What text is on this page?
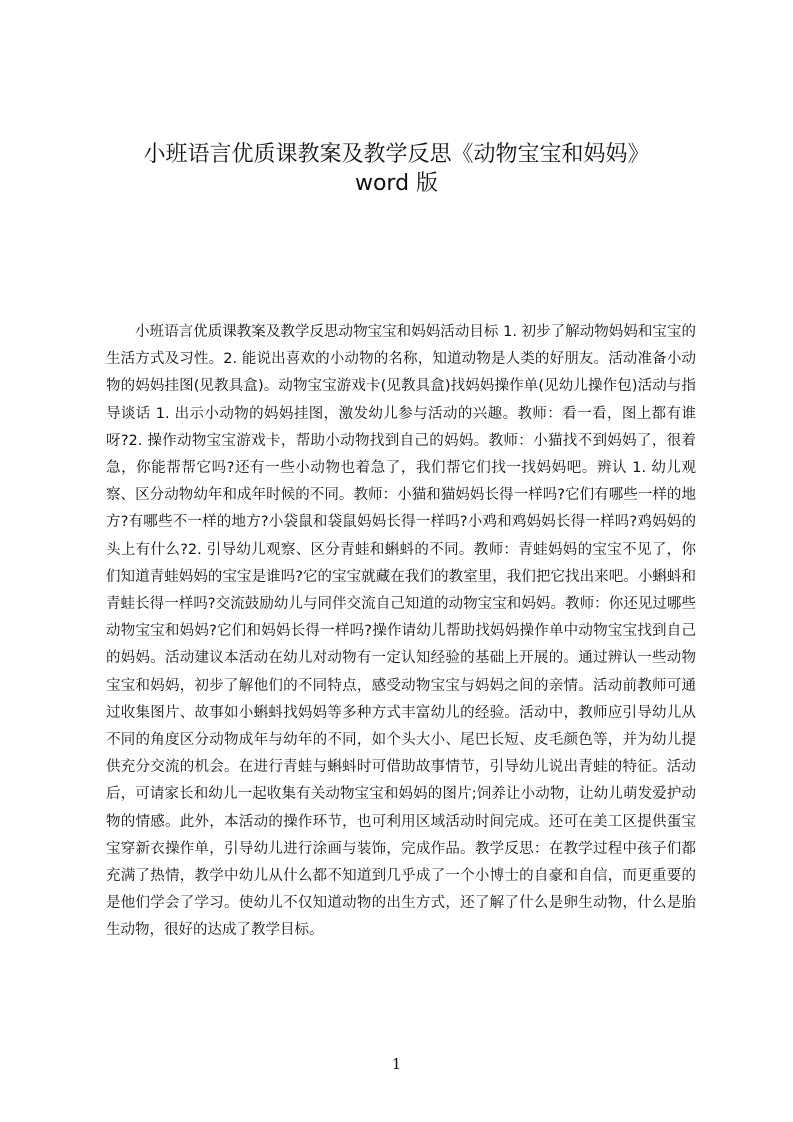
小班语言优质课教案及教学反思《动物宝宝和妈妈》
word 版
小班语言优质课教案及教学反思动物宝宝和妈妈活动目标 1. 初步了解动物妈妈和宝宝的生活方式及习性。2. 能说出喜欢的小动物的名称，知道动物是人类的好朋友。活动准备小动物的妈妈挂图(见教具盒)。动物宝宝游戏卡(见教具盒)找妈妈操作单(见幼儿操作包)活动与指导谈话 1. 出示小动物的妈妈挂图，激发幼儿参与活动的兴趣。教师：看一看，图上都有谁呀?2. 操作动物宝宝游戏卡，帮助小动物找到自己的妈妈。教师：小猫找不到妈妈了，很着急，你能帮帮它吗?还有一些小动物也着急了，我们帮它们找一找妈妈吧。辨认 1. 幼儿观察、区分动物幼年和成年时候的不同。教师：小猫和猫妈妈长得一样吗?它们有哪些一样的地方?有哪些不一样的地方?小袋鼠和袋鼠妈妈长得一样吗?小鸡和鸡妈妈长得一样吗?鸡妈妈的头上有什么?2. 引导幼儿观察、区分青蛙和蝌蚪的不同。教师：青蛙妈妈的宝宝不见了，你们知道青蛙妈妈的宝宝是谁吗?它的宝宝就藏在我们的教室里，我们把它找出来吧。小蝌蚪和青蛙长得一样吗?交流鼓励幼儿与同伴交流自己知道的动物宝宝和妈妈。教师：你还见过哪些动物宝宝和妈妈?它们和妈妈长得一样吗?操作请幼儿帮助找妈妈操作单中动物宝宝找到自己的妈妈。活动建议本活动在幼儿对动物有一定认知经验的基础上开展的。通过辨认一些动物宝宝和妈妈，初步了解他们的不同特点，感受动物宝宝与妈妈之间的亲情。活动前教师可通过收集图片、故事如小蝌蚪找妈妈等多种方式丰富幼儿的经验。活动中，教师应引导幼儿从不同的角度区分动物成年与幼年的不同，如个头大小、尾巴长短、皮毛颜色等，并为幼儿提供充分交流的机会。在进行青蛙与蝌蚪时可借助故事情节，引导幼儿说出青蛙的特征。活动后，可请家长和幼儿一起收集有关动物宝宝和妈妈的图片;饲养让小动物，让幼儿萌发爱护动物的情感。此外，本活动的操作环节，也可利用区域活动时间完成。还可在美工区提供蛋宝宝穿新衣操作单，引导幼儿进行涂画与装饰，完成作品。教学反思：在教学过程中孩子们都充满了热情，教学中幼儿从什么都不知道到几乎成了一个小博士的自豪和自信，而更重要的是他们学会了学习。使幼儿不仅知道动物的出生方式，还了解了什么是卵生动物，什么是胎生动物，很好的达成了教学目标。
1
